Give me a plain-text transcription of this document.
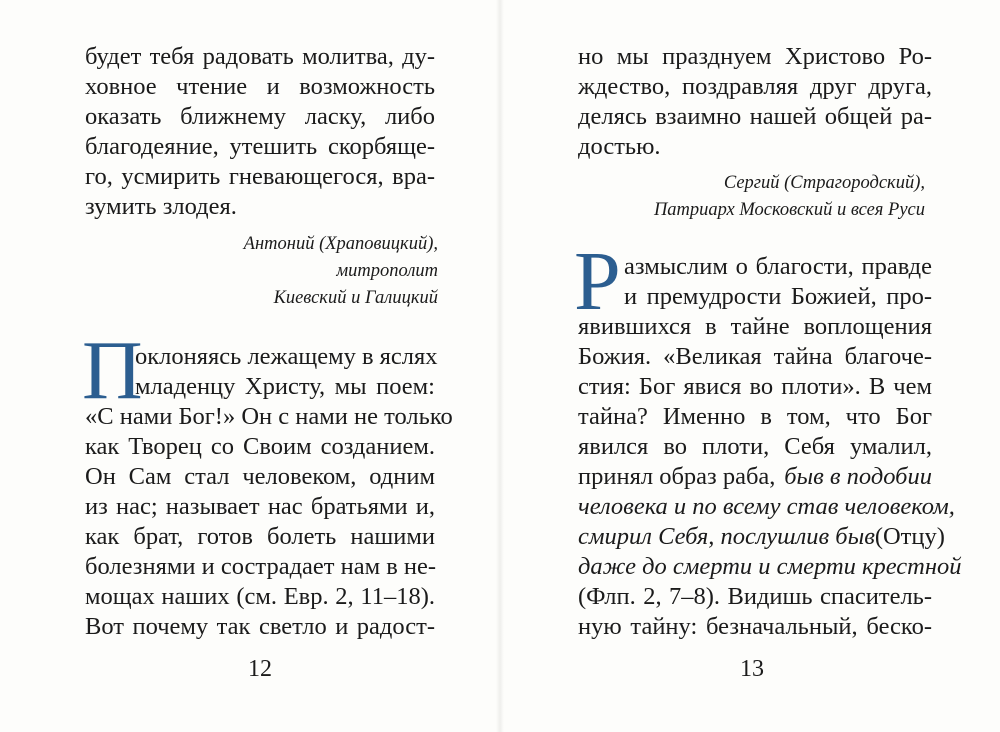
будет тебя радовать молитва, ду-
ховное чтение и возможность
оказать ближнему ласку, либо
благодеяние, утешить скорбяще-
го, усмирить гневающегося, вра-
зумить злодея.
Антоний (Храповицкий),
митрополит
Киевский и Галицкий
П
оклоняясь лежащему в яслях
младенцу Христу, мы поем:
«С нами Бог!» Он с нами не только
как Творец со Своим созданием.
Он Сам стал человеком, одним
из нас; называет нас братьями и,
как брат, готов болеть нашими
болезнями и сострадает нам в не-
мощах наших (см. Евр. 2, 11–18).
Вот почему так светло и радост-
12
но мы празднуем Христово Ро-
ждество, поздравляя друг друга,
делясь взаимно нашей общей ра-
достью.
Сергий (Страгородский),
Патриарх Московский и всея Руси
Р азмыслим о благости, правде
и премудрости Божией, про-
явившихся в тайне воплощения
Божия. «Великая тайна благоче-
стия: Бог явися во плоти». В чем
тайна? Именно в том, что Бог
явился во плоти, Себя умалил,
принял образ раба, быв в подобии
человека и по всему став человеком,
смирил Себя, послушлив быв (Отцу)
даже до смерти и смерти крестной
(Флп. 2, 7–8). Видишь спаситель-
ную тайну: безначальный, беско-
13
